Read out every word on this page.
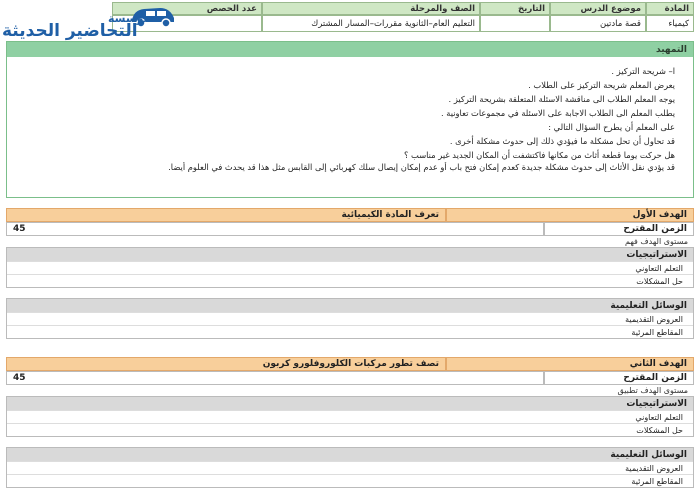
المادة
موضوع الدرس
التاريخ
الصف والمرحلة
عدد الحصص
كيمياء
قصة مادتين
التعليم العام–الثانوية مقررات–المسار المشترك
مؤسسة
التحاضير الحديثة
التمهيد
ا– شريحة التركيز .
يعرض المعلم شريحة التركيز على الطلاب .
يوجه المعلم الطلاب الى مناقشة الاسئلة المتعلقة بشريحة التركيز .
يطلب المعلم الى الطلاب الاجابة على الاسئلة في مجموعات تعاونية .
على المعلم أن يطرح السؤال التالي :
قد تحاول أن تحل مشكلة ما فيؤدي ذلك إلى حدوث مشكلة أخرى .
هل حركت يوما قطعة أثاث من مكانها فاكتشفت أن المكان الجديد غير مناسب ؟
قد يؤدي نقل الأثاث إلى حدوث مشكلة جديدة كعدم إمكان فتح باب أو عدم إمكان إيصال سلك كهربائي إلى القابس مثل هذا قد يحدث في العلوم أيضا.
الهدف الأول
تعرف المادة الكيميائية
الزمن المقترح
45
مستوى الهدف فهم
الاستراتيجيات
التعلم التعاوني
حل المشكلات
الوسائل التعليمية
العروض التقديمية
المقاطع المرئية
الهدف الثاني
تصف تطور مركبات الكلوروفلورو كربون
الزمن المقترح
45
مستوى الهدف تطبيق
الاستراتيجيات
التعلم التعاوني
حل المشكلات
الوسائل التعليمية
العروض التقديمية
المقاطع المرئية
